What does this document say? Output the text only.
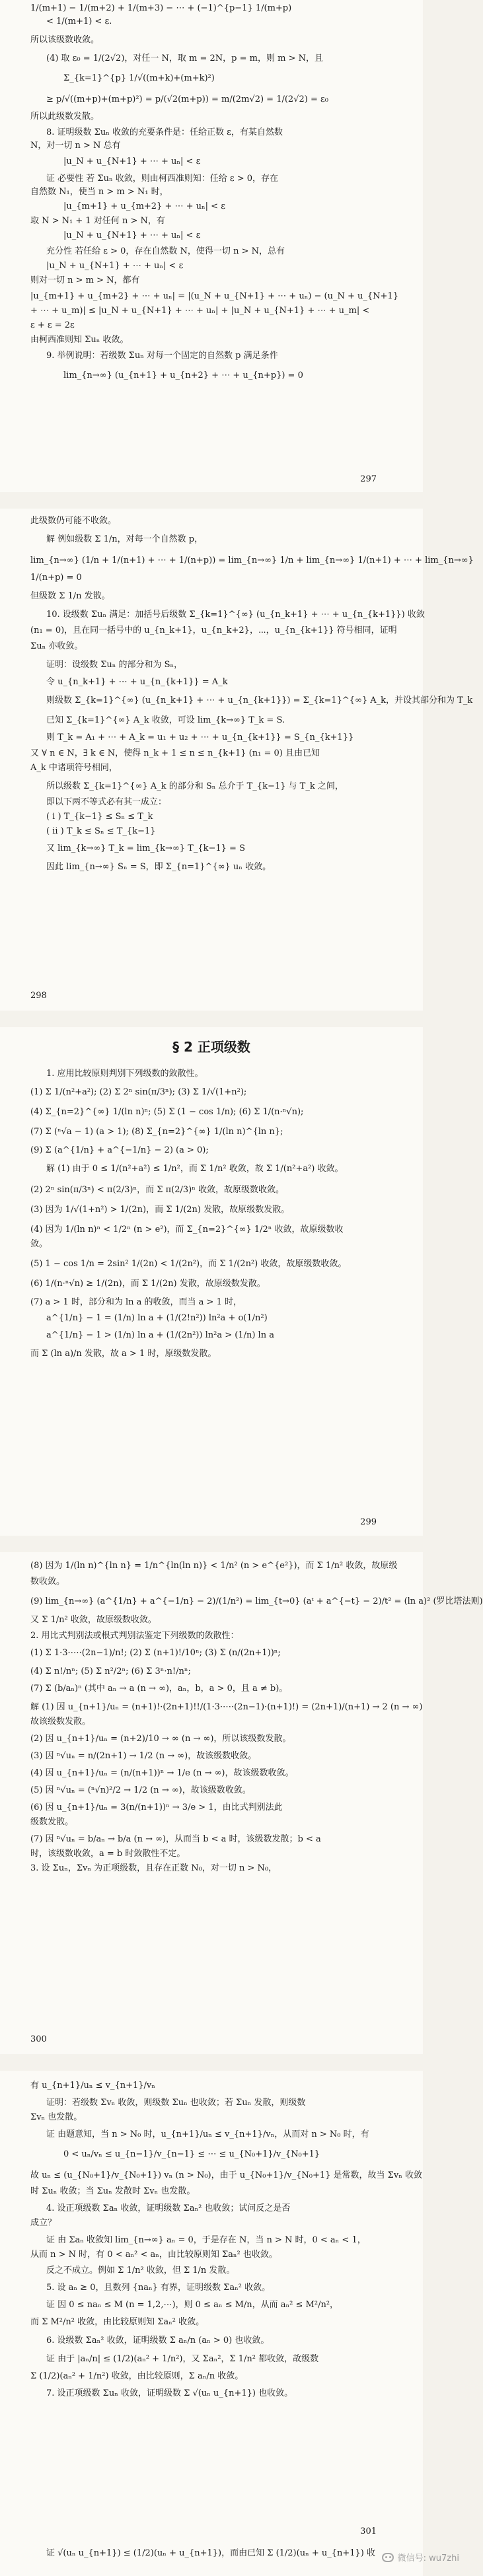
1/(m+1) − 1/(m+2) + 1/(m+3) − ⋯ + (−1)^{p−1} 1/(m+p)
< 1/(m+1) < ε.
所以该级数收敛。
(4) 取 ε₀ = 1/(2√2)，对任一 N，取 m = 2N，p = m，则 m > N，且
Σ_{k=1}^{p} 1/√((m+k)+(m+k)²)
≥ p/√((m+p)+(m+p)²) = p/(√2(m+p)) = m/(2m√2) = 1/(2√2) = ε₀
所以此级数发散。
8. 证明级数 Σuₙ 收敛的充要条件是：任给正数 ε，有某自然数
N，对一切 n > N 总有
|u_N + u_{N+1} + ⋯ + uₙ| < ε
证 必要性 若 Σuₙ 收敛，则由柯西准则知：任给 ε > 0，存在
自然数 N₁，使当 n > m > N₁ 时，
|u_{m+1} + u_{m+2} + ⋯ + uₙ| < ε
取 N > N₁ + 1 对任何 n > N，有
|u_N + u_{N+1} + ⋯ + uₙ| < ε
充分性 若任给 ε > 0，存在自然数 N，使得一切 n > N，总有
|u_N + u_{N+1} + ⋯ + uₙ| < ε
则对一切 n > m > N，都有
|u_{m+1} + u_{m+2} + ⋯ + uₙ| = |(u_N + u_{N+1} + ⋯ + uₙ) − (u_N + u_{N+1}
+ ⋯ + u_m)| ≤ |u_N + u_{N+1} + ⋯ + uₙ| + |u_N + u_{N+1} + ⋯ + u_m| <
ε + ε = 2ε
由柯西准则知 Σuₙ 收敛。
9. 举例说明：若级数 Σuₙ 对每一个固定的自然数 p 满足条件
lim_{n→∞} (u_{n+1} + u_{n+2} + ⋯ + u_{n+p}) = 0
297
此级数仍可能不收敛。
解 例如级数 Σ 1/n，对每一个自然数 p，
lim_{n→∞} (1/n + 1/(n+1) + ⋯ + 1/(n+p)) = lim_{n→∞} 1/n + lim_{n→∞} 1/(n+1) + ⋯ + lim_{n→∞}
1/(n+p) = 0
但级数 Σ 1/n 发散。
10. 设级数 Σuₙ 满足：加括号后级数 Σ_{k=1}^{∞} (u_{n_k+1} + ⋯ + u_{n_{k+1}}) 收敛
(n₁ = 0)，且在同一括号中的 u_{n_k+1}，u_{n_k+2}，⋯，u_{n_{k+1}} 符号相同，证明
Σuₙ 亦收敛。
证明：设级数 Σuₙ 的部分和为 Sₙ，
令 u_{n_k+1} + ⋯ + u_{n_{k+1}} = A_k
则级数 Σ_{k=1}^{∞} (u_{n_k+1} + ⋯ + u_{n_{k+1}}) = Σ_{k=1}^{∞} A_k，并设其部分和为 T_k
已知 Σ_{k=1}^{∞} A_k 收敛，可设 lim_{k→∞} T_k = S.
则 T_k = A₁ + ⋯ + A_k = u₁ + u₂ + ⋯ + u_{n_{k+1}} = S_{n_{k+1}}
又 ∀ n ∈ N，∃ k ∈ N，使得 n_k + 1 ≤ n ≤ n_{k+1} (n₁ = 0) 且由已知
A_k 中诸项符号相同，
所以级数 Σ_{k=1}^{∞} A_k 的部分和 Sₙ 总介于 T_{k−1} 与 T_k 之间，
即以下两不等式必有其一成立：
( i ) T_{k−1} ≤ Sₙ ≤ T_k
( ii ) T_k ≤ Sₙ ≤ T_{k−1}
又 lim_{k→∞} T_k = lim_{k→∞} T_{k−1} = S
因此 lim_{n→∞} Sₙ = S，即 Σ_{n=1}^{∞} uₙ 收敛。
298
§ 2 正项级数
1. 应用比较原则判别下列级数的敛散性。
(1) Σ 1/(n²+a²); (2) Σ 2ⁿ sin(π/3ⁿ); (3) Σ 1/√(1+n²);
(4) Σ_{n=2}^{∞} 1/(ln n)ⁿ; (5) Σ (1 − cos 1/n); (6) Σ 1/(n·ⁿ√n);
(7) Σ (ⁿ√a − 1) (a > 1); (8) Σ_{n=2}^{∞} 1/(ln n)^{ln n};
(9) Σ (a^{1/n} + a^{−1/n} − 2) (a > 0);
解 (1) 由于 0 ≤ 1/(n²+a²) ≤ 1/n²，而 Σ 1/n² 收敛，故 Σ 1/(n²+a²) 收敛。
(2) 2ⁿ sin(π/3ⁿ) < π(2/3)ⁿ，而 Σ π(2/3)ⁿ 收敛，故原级数收敛。
(3) 因为 1/√(1+n²) > 1/(2n)，而 Σ 1/(2n) 发散，故原级数发散。
(4) 因为 1/(ln n)ⁿ < 1/2ⁿ (n > e²)，而 Σ_{n=2}^{∞} 1/2ⁿ 收敛，故原级数收
敛。
(5) 1 − cos 1/n = 2sin² 1/(2n) < 1/(2n²)，而 Σ 1/(2n²) 收敛，故原级数收敛。
(6) 1/(n·ⁿ√n) ≥ 1/(2n)，而 Σ 1/(2n) 发散，故原级数发散。
(7) a > 1 时，部分和为 ln a 的收敛，而当 a > 1 时，
a^{1/n} − 1 = (1/n) ln a + (1/(2!n²)) ln²a + o(1/n²)
a^{1/n} − 1 > (1/n) ln a + (1/(2n²)) ln²a > (1/n) ln a
而 Σ (ln a)/n 发散，故 a > 1 时，原级数发散。
299
(8) 因为 1/(ln n)^{ln n} = 1/n^{ln(ln n)} < 1/n² (n > e^{e²})，而 Σ 1/n² 收敛，故原级
数收敛。
(9) lim_{n→∞} (a^{1/n} + a^{−1/n} − 2)/(1/n²) = lim_{t→0} (aᵗ + a^{−t} − 2)/t² = (ln a)² (罗比塔法则)
又 Σ 1/n² 收敛，故原级数收敛。
2. 用比式判别法或根式判别法鉴定下列级数的敛散性：
(1) Σ 1·3·⋯·(2n−1)/n!; (2) Σ (n+1)!/10ⁿ; (3) Σ (n/(2n+1))ⁿ;
(4) Σ n!/nⁿ; (5) Σ n²/2ⁿ; (6) Σ 3ⁿ·n!/nⁿ;
(7) Σ (b/aₙ)ⁿ (其中 aₙ → a (n → ∞)，aₙ，b，a > 0，且 a ≠ b)。
解 (1) 因 u_{n+1}/uₙ = (n+1)!·(2n+1)!!/(1·3·⋯·(2n−1)·(n+1)!) = (2n+1)/(n+1) → 2 (n → ∞)
故该级数发散。
(2) 因 u_{n+1}/uₙ = (n+2)/10 → ∞ (n → ∞)，所以该级数发散。
(3) 因 ⁿ√uₙ = n/(2n+1) → 1/2 (n → ∞)，故该级数收敛。
(4) 因 u_{n+1}/uₙ = (n/(n+1))ⁿ → 1/e (n → ∞)，故该级数收敛。
(5) 因 ⁿ√uₙ = (ⁿ√n)²/2 → 1/2 (n → ∞)，故该级数收敛。
(6) 因 u_{n+1}/uₙ = 3(n/(n+1))ⁿ → 3/e > 1，由比式判别法此
级数发散。
(7) 因 ⁿ√uₙ = b/aₙ → b/a (n → ∞)，从而当 b < a 时，该级数发散；b < a
时，该级数收敛，a = b 时敛散性不定。
3. 设 Σuₙ，Σvₙ 为正项级数，且存在正数 N₀，对一切 n > N₀，
300
有 u_{n+1}/uₙ ≤ v_{n+1}/vₙ
证明：若级数 Σvₙ 收敛，则级数 Σuₙ 也收敛；若 Σuₙ 发散，则级数
Σvₙ 也发散。
证 由题意知，当 n > N₀ 时，u_{n+1}/uₙ ≤ v_{n+1}/vₙ，从而对 n > N₀ 时，有
0 < uₙ/vₙ ≤ u_{n−1}/v_{n−1} ≤ ⋯ ≤ u_{N₀+1}/v_{N₀+1}
故 uₙ ≤ (u_{N₀+1}/v_{N₀+1}) vₙ (n > N₀)，由于 u_{N₀+1}/v_{N₀+1} 是常数，故当 Σvₙ 收敛
时 Σuₙ 收敛；当 Σuₙ 发散时 Σvₙ 也发散。
4. 设正项级数 Σaₙ 收敛，证明级数 Σaₙ² 也收敛；试问反之是否
成立？
证 由 Σaₙ 收敛知 lim_{n→∞} aₙ = 0，于是存在 N，当 n > N 时，0 < aₙ < 1，
从而 n > N 时，有 0 < aₙ² < aₙ，由比较原则知 Σaₙ² 也收敛。
反之不成立。例如 Σ 1/n² 收敛，但 Σ 1/n 发散。
5. 设 aₙ ≥ 0，且数列 {naₙ} 有界，证明级数 Σaₙ² 收敛。
证 因 0 ≤ naₙ ≤ M (n = 1,2,⋯)，则 0 ≤ aₙ ≤ M/n，从而 aₙ² ≤ M²/n²，
而 Σ M²/n² 收敛，由比较原则知 Σaₙ² 收敛。
6. 设级数 Σaₙ² 收敛，证明级数 Σ aₙ/n (aₙ > 0) 也收敛。
证 由于 |aₙ/n| ≤ (1/2)(aₙ² + 1/n²)，又 Σaₙ²，Σ 1/n² 都收敛，故级数
Σ (1/2)(aₙ² + 1/n²) 收敛，由比较原则，Σ aₙ/n 收敛。
7. 设正项级数 Σuₙ 收敛，证明级数 Σ √(uₙ u_{n+1}) 也收敛。
证 √(uₙ u_{n+1}) ≤ (1/2)(uₙ + u_{n+1})，而由已知 Σ (1/2)(uₙ + u_{n+1}) 收
301
微信号: wu7zhi
